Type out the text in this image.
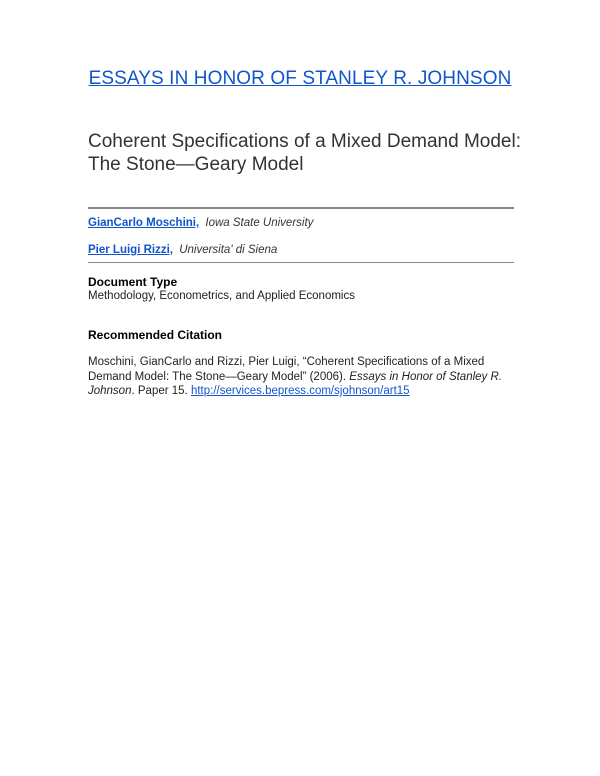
ESSAYS IN HONOR OF STANLEY R. JOHNSON
Coherent Specifications of a Mixed Demand Model:
The Stone—Geary Model
GianCarlo Moschini, Iowa State University
Pier Luigi Rizzi, Universita' di Siena
Document Type
Methodology, Econometrics, and Applied Economics
Recommended Citation
Moschini, GianCarlo and Rizzi, Pier Luigi, “Coherent Specifications of a Mixed Demand Model: The Stone—Geary Model” (2006). Essays in Honor of Stanley R. Johnson. Paper 15. http://services.bepress.com/sjohnson/art15
